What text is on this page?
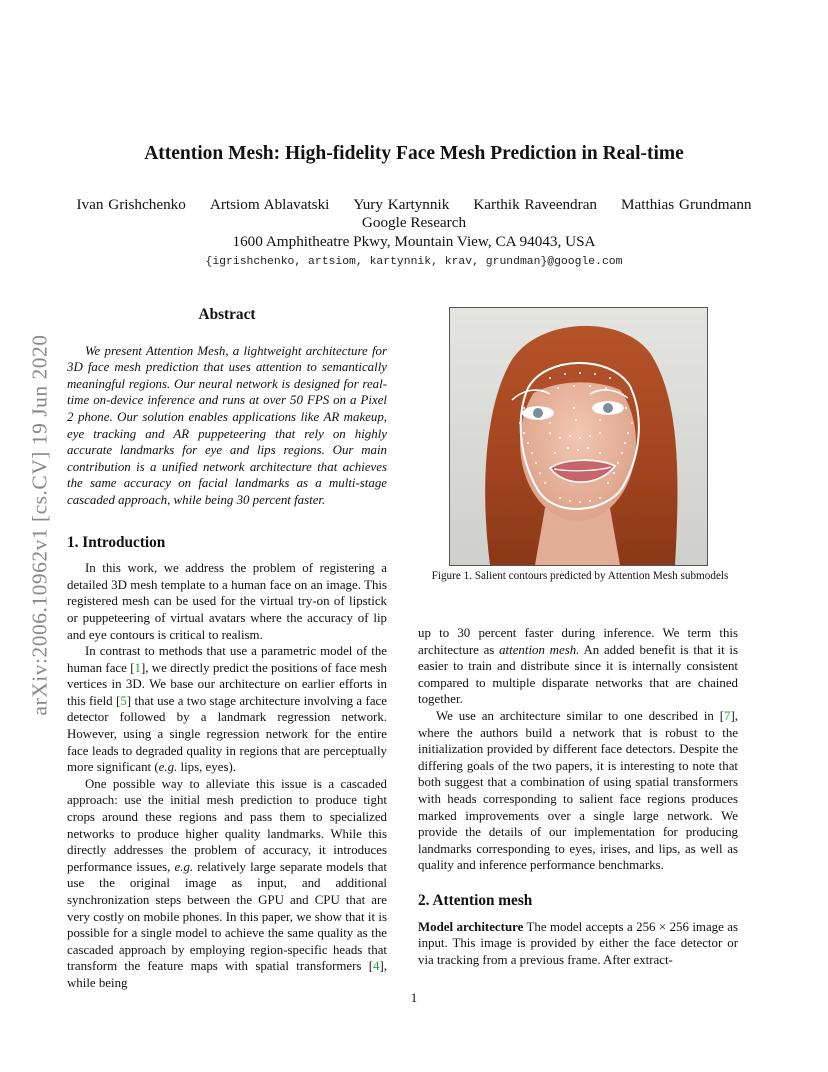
arXiv:2006.10962v1 [cs.CV] 19 Jun 2020
Attention Mesh: High-fidelity Face Mesh Prediction in Real-time
Ivan Grishchenko Artsiom Ablavatski Yury Kartynnik Karthik Raveendran Matthias Grundmann
Google Research
1600 Amphitheatre Pkwy, Mountain View, CA 94043, USA
{igrishchenko, artsiom, kartynnik, krav, grundman}@google.com
Abstract

We present Attention Mesh, a lightweight architecture for 3D face mesh prediction that uses attention to semantically meaningful regions. Our neural network is designed for real-time on-device inference and runs at over 50 FPS on a Pixel 2 phone. Our solution enables applications like AR makeup, eye tracking and AR puppeteering that rely on highly accurate landmarks for eye and lips regions. Our main contribution is a unified network architecture that achieves the same accuracy on facial landmarks as a multi-stage cascaded approach, while being 30 percent faster.

1. Introduction

In this work, we address the problem of registering a detailed 3D mesh template to a human face on an image. This registered mesh can be used for the virtual try-on of lipstick or puppeteering of virtual avatars where the accuracy of lip and eye contours is critical to realism.

In contrast to methods that use a parametric model of the human face [1], we directly predict the positions of face mesh vertices in 3D. We base our architecture on earlier efforts in this field [5] that use a two stage architecture involving a face detector followed by a landmark regression network. However, using a single regression network for the entire face leads to degraded quality in regions that are perceptually more significant (e.g. lips, eyes).

One possible way to alleviate this issue is a cascaded approach: use the initial mesh prediction to produce tight crops around these regions and pass them to specialized networks to produce higher quality landmarks. While this directly addresses the problem of accuracy, it introduces performance issues, e.g. relatively large separate models that use the original image as input, and additional synchronization steps between the GPU and CPU that are very costly on mobile phones. In this paper, we show that it is possible for a single model to achieve the same quality as the cascaded approach by employing region-specific heads that transform the feature maps with spatial transformers [4], while being

Figure 1. Salient contours predicted by Attention Mesh submodels

up to 30 percent faster during inference. We term this architecture as attention mesh. An added benefit is that it is easier to train and distribute since it is internally consistent compared to multiple disparate networks that are chained together.

We use an architecture similar to one described in [7], where the authors build a network that is robust to the initialization provided by different face detectors. Despite the differing goals of the two papers, it is interesting to note that both suggest that a combination of using spatial transformers with heads corresponding to salient face regions produces marked improvements over a single large network. We provide the details of our implementation for producing landmarks corresponding to eyes, irises, and lips, as well as quality and inference performance benchmarks.

2. Attention mesh

Model architecture The model accepts a 256 × 256 image as input. This image is provided by either the face detector or via tracking from a previous frame. After extract-

1
